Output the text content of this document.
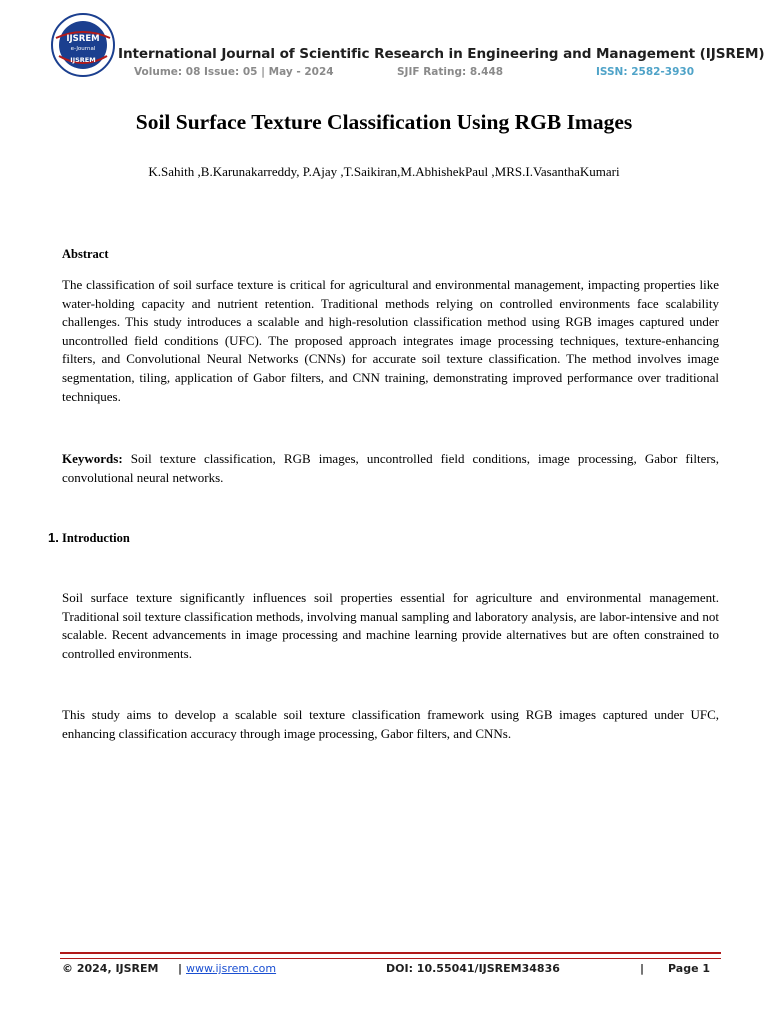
IJSREM
e-Journal
IJSREM International Journal of Scientific Research in Engineering and Management (IJSREM)
Volume: 08 Issue: 05 | May - 2024	SJIF Rating: 8.448	ISSN: 2582-3930
Soil Surface Texture Classification Using RGB Images
K.Sahith ,B.Karunakarreddy, P.Ajay ,T.Saikiran,M.AbhishekPaul ,MRS.I.VasanthaKumari
Abstract
The classification of soil surface texture is critical for agricultural and environmental management, impacting properties like water-holding capacity and nutrient retention. Traditional methods relying on controlled environments face scalability challenges. This study introduces a scalable and high-resolution classification method using RGB images captured under uncontrolled field conditions (UFC). The proposed approach integrates image processing techniques, texture-enhancing filters, and Convolutional Neural Networks (CNNs) for accurate soil texture classification. The method involves image segmentation, tiling, application of Gabor filters, and CNN training, demonstrating improved performance over traditional techniques.
Keywords: Soil texture classification, RGB images, uncontrolled field conditions, image processing, Gabor filters, convolutional neural networks.
1. Introduction
Soil surface texture significantly influences soil properties essential for agriculture and environmental management. Traditional soil texture classification methods, involving manual sampling and laboratory analysis, are labor-intensive and not scalable. Recent advancements in image processing and machine learning provide alternatives but are often constrained to controlled environments.
This study aims to develop a scalable soil texture classification framework using RGB images captured under UFC, enhancing classification accuracy through image processing, Gabor filters, and CNNs.
© 2024, IJSREM | www.ijsrem.com	DOI: 10.55041/IJSREM34836	| Page 1
